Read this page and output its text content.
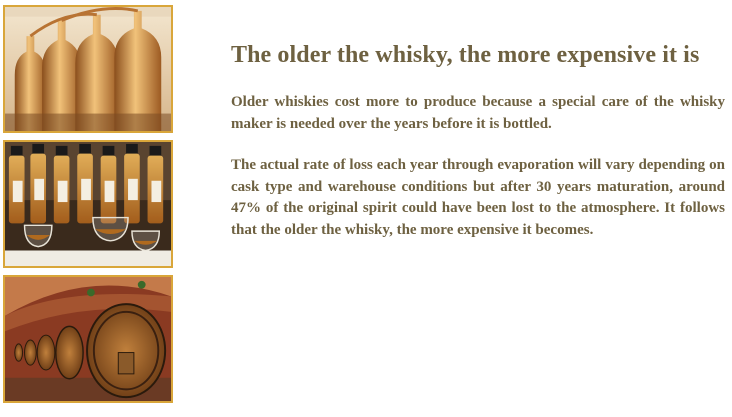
The older the whisky, the more expensive it is

Older whiskies cost more to produce because a special care of the whisky maker is needed over the years before it is bottled.

The actual rate of loss each year through evaporation will vary depending on cask type and warehouse conditions but after 30 years maturation, around 47% of the original spirit could have been lost to the atmosphere. It follows that the older the whisky, the more expensive it becomes.
